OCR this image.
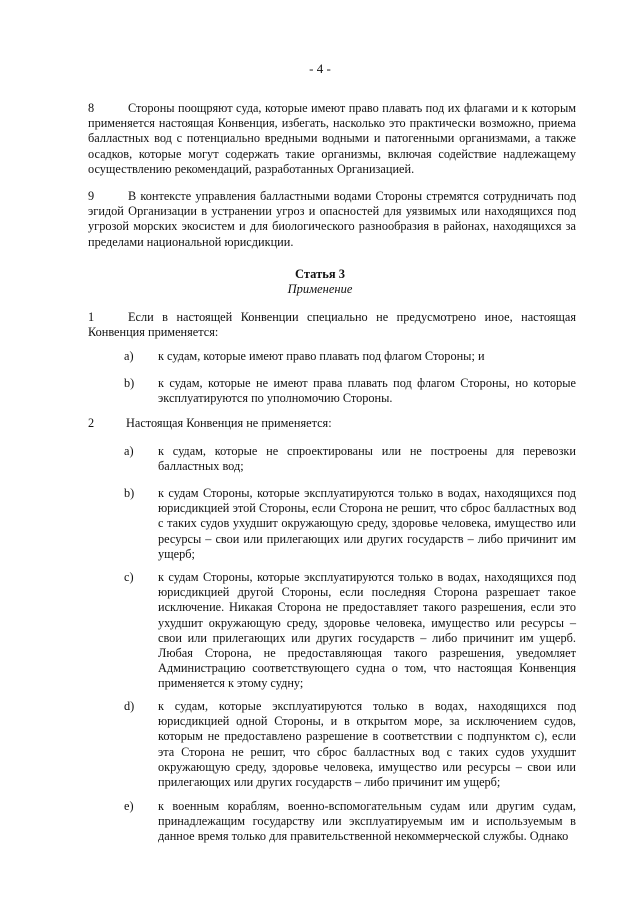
- 4 -
8	Стороны поощряют суда, которые имеют право плавать под их флагами и к которым применяется настоящая Конвенция, избегать, насколько это практически возможно, приема балластных вод с потенциально вредными водными и патогенными организмами, а также осадков, которые могут содержать такие организмы, включая содействие надлежащему осуществлению рекомендаций, разработанных Организацией.

9	В контексте управления балластными водами Стороны стремятся сотрудничать под эгидой Организации в устранении угроз и опасностей для уязвимых или находящихся под угрозой морских экосистем и для биологического разнообразия в районах, находящихся за пределами национальной юрисдикции.

Статья 3
Применение
1	Если в настоящей Конвенции специально не предусмотрено иное, настоящая Конвенция применяется:

a) к судам, которые имеют право плавать под флагом Стороны; и

b) к судам, которые не имеют права плавать под флагом Стороны, но которые эксплуатируются по уполномочию Стороны.

2	Настоящая Конвенция не применяется:

a) к судам, которые не спроектированы или не построены для перевозки балластных вод;

b) к судам Стороны, которые эксплуатируются только в водах, находящихся под юрисдикцией этой Стороны, если Сторона не решит, что сброс балластных вод с таких судов ухудшит окружающую среду, здоровье человека, имущество или ресурсы – свои или прилегающих или других государств – либо причинит им ущерб;

c) к судам Стороны, которые эксплуатируются только в водах, находящихся под юрисдикцией другой Стороны, если последняя Сторона разрешает такое исключение. Никакая Сторона не предоставляет такого разрешения, если это ухудшит окружающую среду, здоровье человека, имущество или ресурсы – свои или прилегающих или других государств – либо причинит им ущерб. Любая Сторона, не предоставляющая такого разрешения, уведомляет Администрацию соответствующего судна о том, что настоящая Конвенция применяется к этому судну;

d) к судам, которые эксплуатируются только в водах, находящихся под юрисдикцией одной Стороны, и в открытом море, за исключением судов, которым не предоставлено разрешение в соответствии с подпунктом c), если эта Сторона не решит, что сброс балластных вод с таких судов ухудшит окружающую среду, здоровье человека, имущество или ресурсы – свои или прилегающих или других государств – либо причинит им ущерб;

e) к военным кораблям, военно-вспомогательным судам или другим судам, принадлежащим государству или эксплуатируемым им и используемым в данное время только для правительственной некоммерческой службы. Однако
